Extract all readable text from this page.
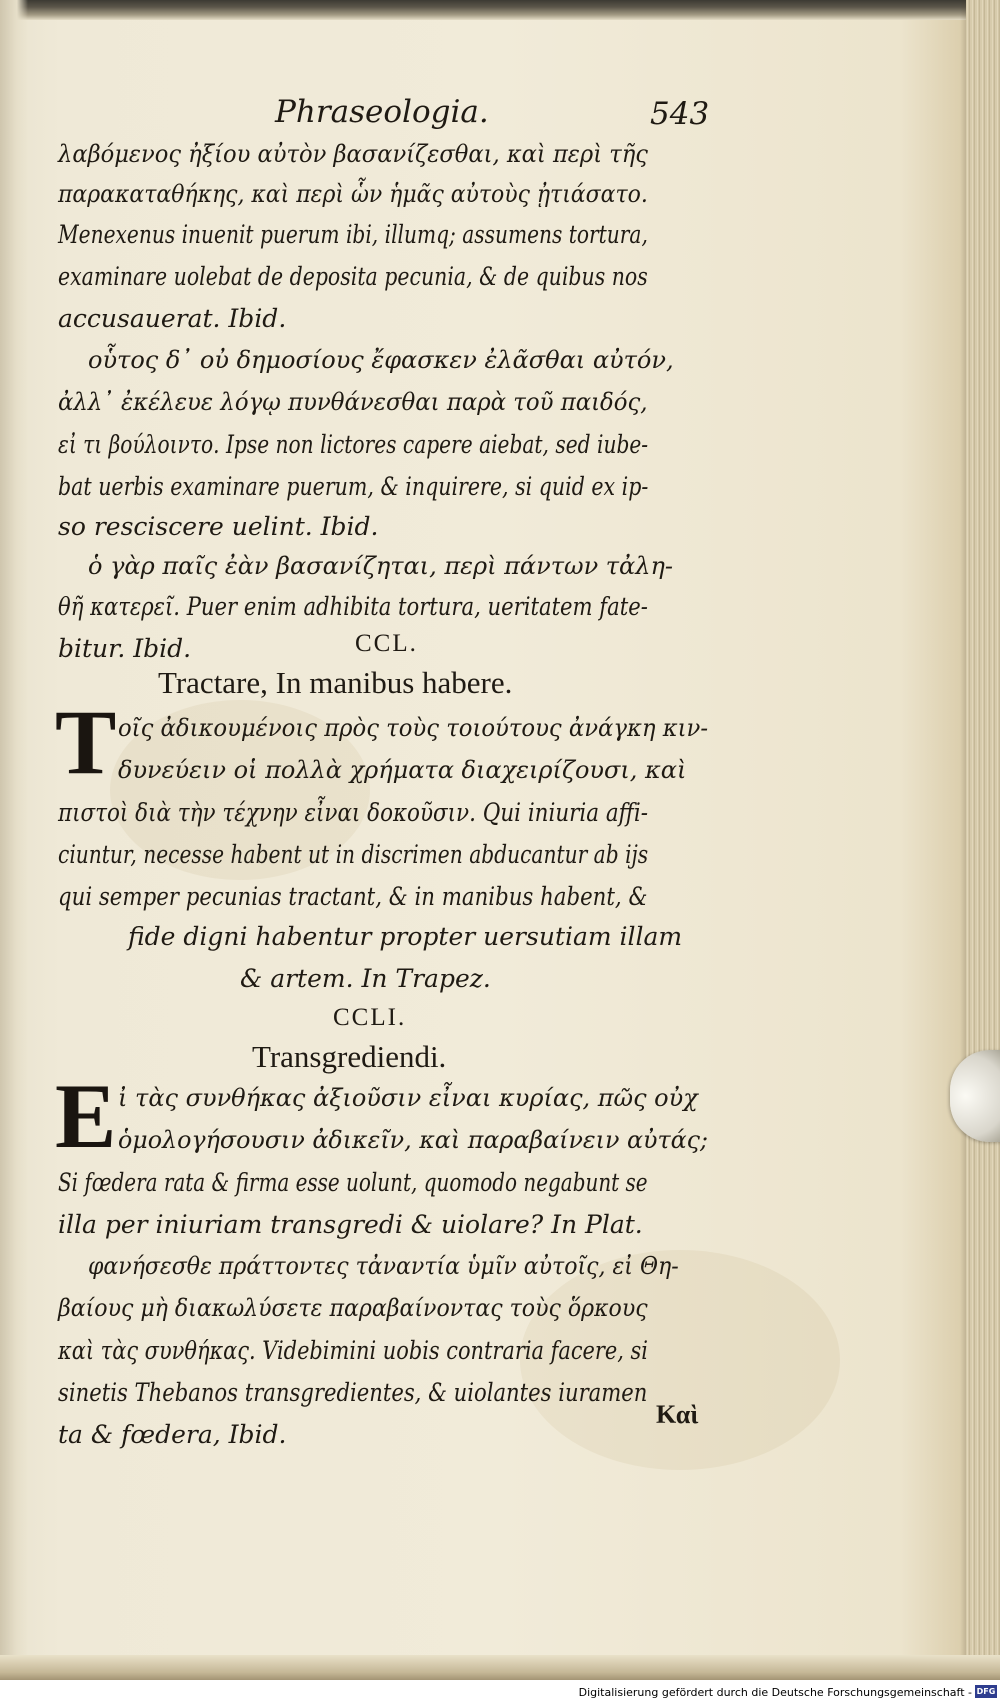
Phraseologia.	543
λαβόμενος ἠξίου αὐτὸν βασανίζεσθαι, καὶ περὶ τῆς
παρακαταθήκης, καὶ περὶ ὧν ἡμᾶς αὐτοὺς ᾐτιάσατο.
Menexenus inuenit puerum ibi, illumq; assumens tortura,
examinare uolebat de deposita pecunia, & de quibus nos
accusauerat. Ibid.
οὗτος δ᾽ οὐ δημοσίους ἔφασκεν ἐλᾶσθαι αὐτόν,
ἀλλ᾽ ἐκέλευε λόγῳ πυνθάνεσθαι παρὰ τοῦ παιδός,
εἰ τι βούλοιντο. Ipse non lictores capere aiebat, sed iube-
bat uerbis examinare puerum, & inquirere, si quid ex ip-
so resciscere uelint. Ibid.
ὁ γὰρ παῖς ἐὰν βασανίζηται, περὶ πάντων τἀλη-
θῆ κατερεῖ. Puer enim adhibita tortura, ueritatem fate-
bitur. Ibid.	CCL.
Tractare, In manibus habere.
T οῖς ἀδικουμένοις πρὸς τοὺς τοιούτους ἀνάγκη κιν-
δυνεύειν οἱ πολλὰ χρήματα διαχειρίζουσι, καὶ
πιστοὶ διὰ τὴν τέχνην εἶναι δοκοῦσιν. Qui iniuria affi-
ciuntur, necesse habent ut in discrimen abducantur ab ijs
qui semper pecunias tractant, & in manibus habent, &
fide digni habentur propter uersutiam illam
& artem. In Trapez.
CCLI.
Transgrediendi.
E ἰ τὰς συνθήκας ἀξιοῦσιν εἶναι κυρίας, πῶς οὐχ
ὁμολογήσουσιν ἀδικεῖν, καὶ παραβαίνειν αὐτάς;
Si fœdera rata & firma esse uolunt, quomodo negabunt se
illa per iniuriam transgredi & uiolare? In Plat.
φανήσεσθε πράττοντες τἀναντία ὑμῖν αὐτοῖς, εἰ Θη-
βαίους μὴ διακωλύσετε παραβαίνοντας τοὺς ὅρκους
καὶ τὰς συνθήκας. Videbimini uobis contraria facere, si
sinetis Thebanos transgredientes, & uiolantes iuramen
ta & fœdera, Ibid.
Καὶ
Digitalisierung gefördert durch die Deutsche Forschungsgemeinschaft - DFG
